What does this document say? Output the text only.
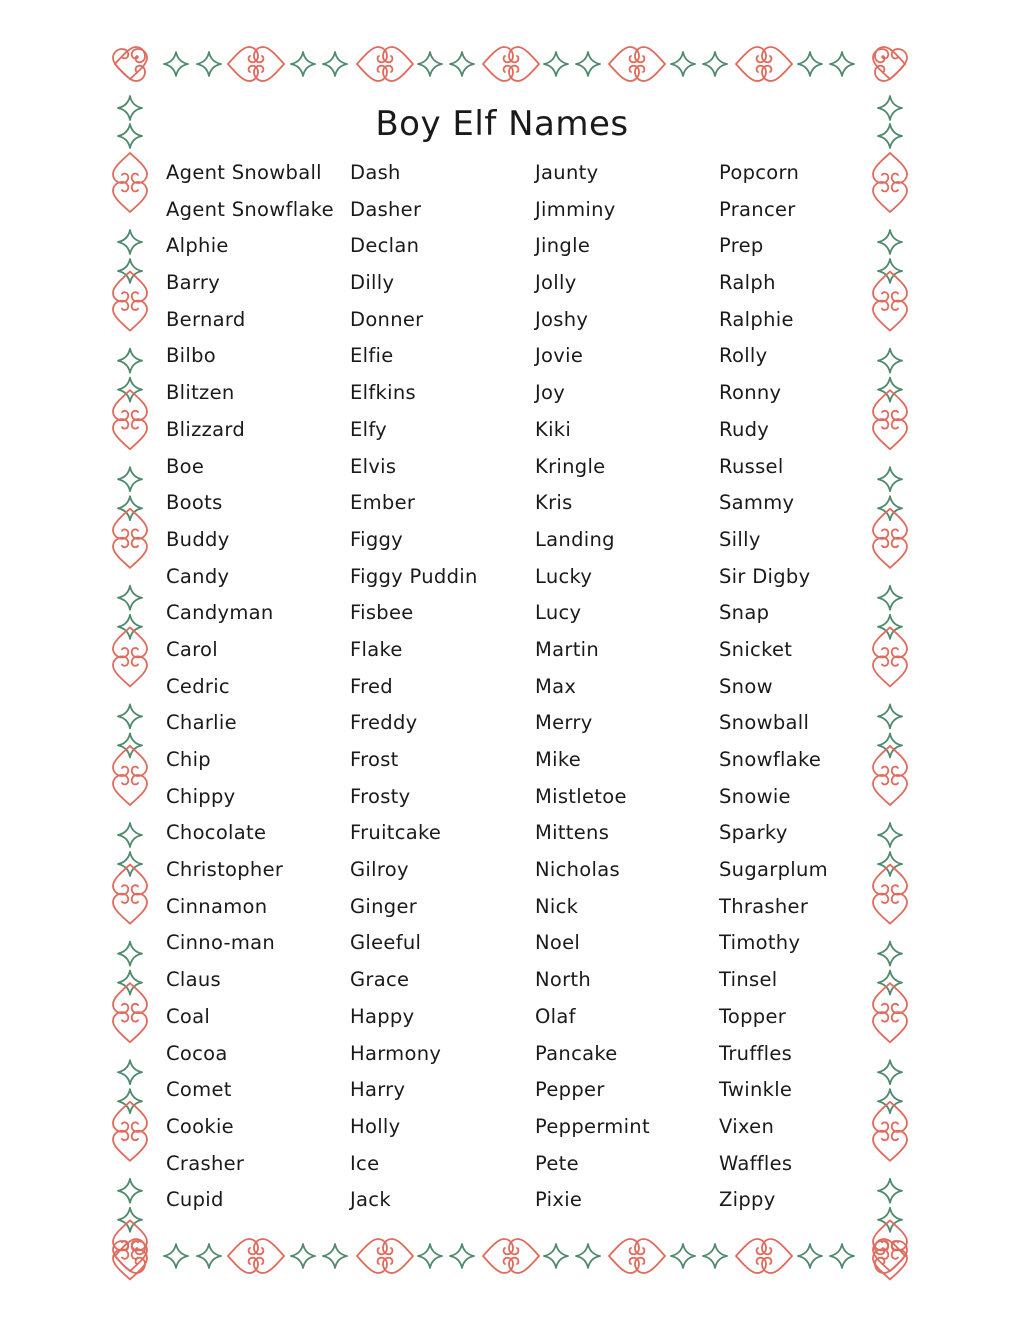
Boy Elf Names
Agent Snowball
Agent Snowflake
Alphie
Barry
Bernard
Bilbo
Blitzen
Blizzard
Boe
Boots
Buddy
Candy
Candyman
Carol
Cedric
Charlie
Chip
Chippy
Chocolate
Christopher
Cinnamon
Cinno-man
Claus
Coal
Cocoa
Comet
Cookie
Crasher
Cupid
Dash
Dasher
Declan
Dilly
Donner
Elfie
Elfkins
Elfy
Elvis
Ember
Figgy
Figgy Puddin
Fisbee
Flake
Fred
Freddy
Frost
Frosty
Fruitcake
Gilroy
Ginger
Gleeful
Grace
Happy
Harmony
Harry
Holly
Ice
Jack
Jaunty
Jimminy
Jingle
Jolly
Joshy
Jovie
Joy
Kiki
Kringle
Kris
Landing
Lucky
Lucy
Martin
Max
Merry
Mike
Mistletoe
Mittens
Nicholas
Nick
Noel
North
Olaf
Pancake
Pepper
Peppermint
Pete
Pixie
Popcorn
Prancer
Prep
Ralph
Ralphie
Rolly
Ronny
Rudy
Russel
Sammy
Silly
Sir Digby
Snap
Snicket
Snow
Snowball
Snowflake
Snowie
Sparky
Sugarplum
Thrasher
Timothy
Tinsel
Topper
Truffles
Twinkle
Vixen
Waffles
Zippy
